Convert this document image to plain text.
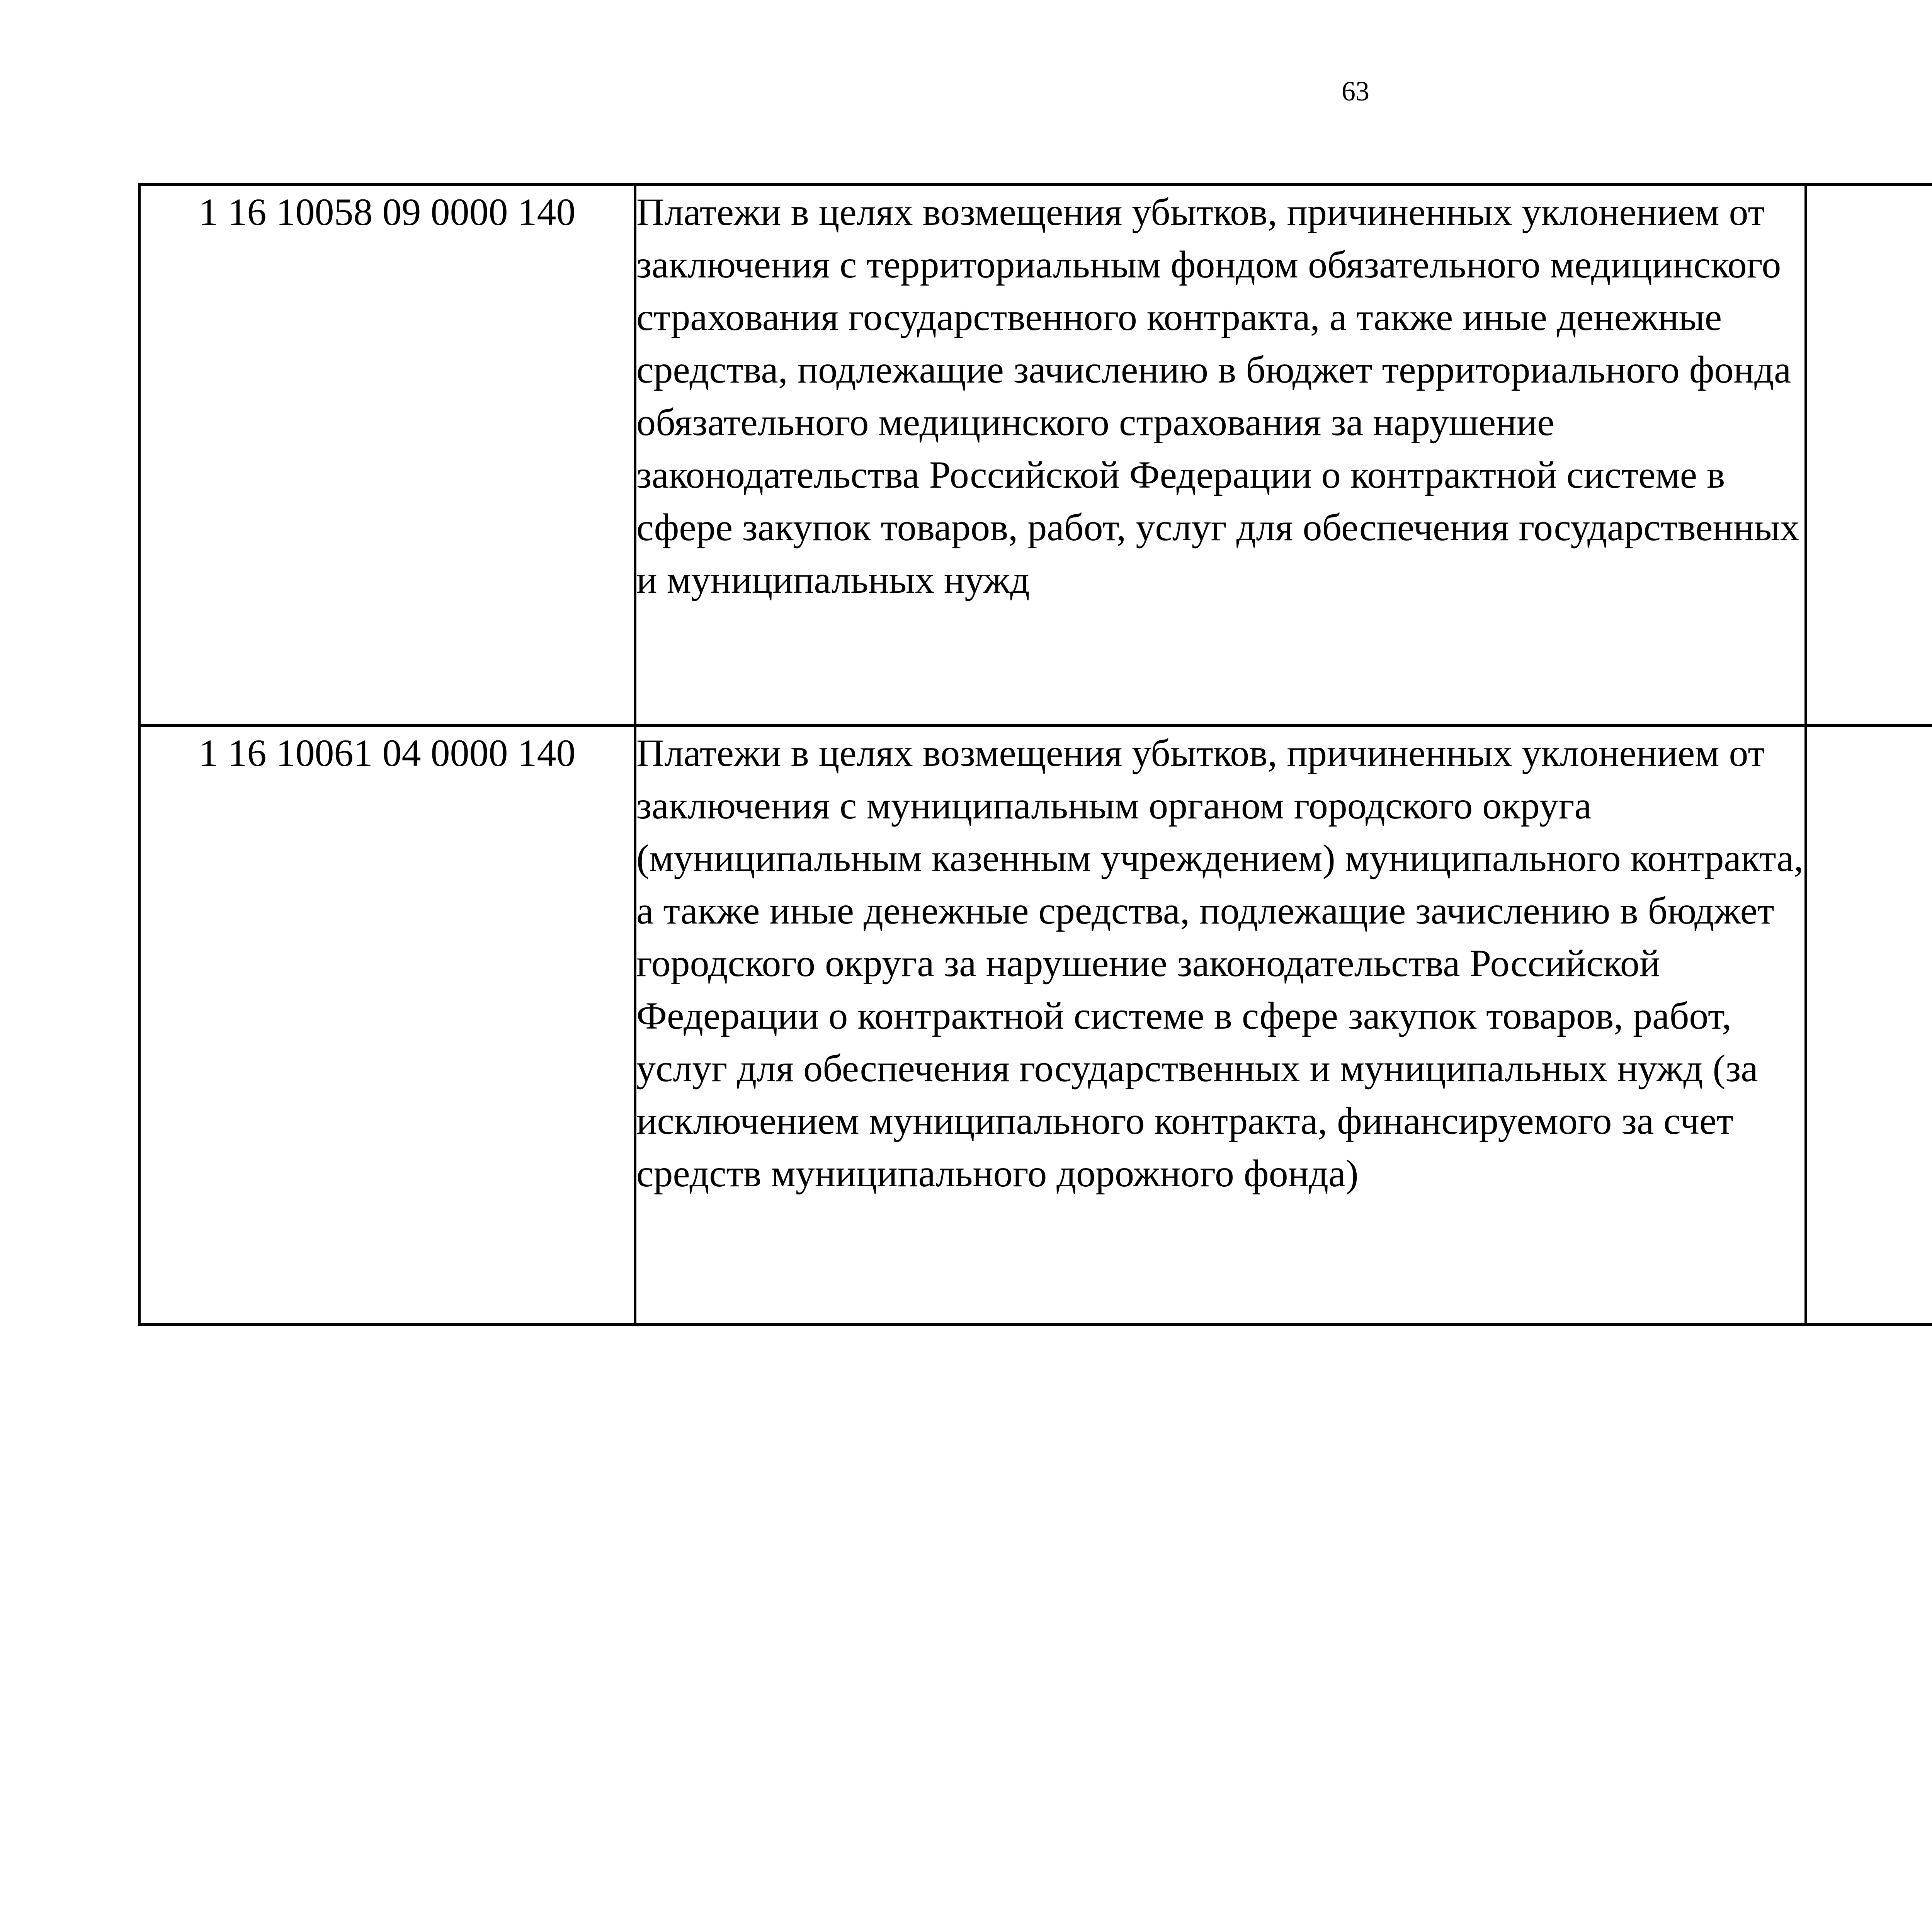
63
1 16 10058 09 0000 140	Платежи в целях возмещения убытков, причиненных уклонением от заключения с территориальным фондом обязательного медицинского страхования государственного контракта, а также иные денежные средства, подлежащие зачислению в бюджет территориального фонда обязательного медицинского страхования за нарушение законодательства Российской Федерации о контрактной системе в сфере закупок товаров, работ, услуг для обеспечения государственных и муниципальных нужд					
1 16 10061 04 0000 140	Платежи в целях возмещения убытков, причиненных уклонением от заключения с муниципальным органом городского округа (муниципальным казенным учреждением) муниципального контракта, а также иные денежные средства, подлежащие зачислению в бюджет городского округа за нарушение законодательства Российской Федерации о контрактной системе в сфере закупок товаров, работ, услуг для обеспечения государственных и муниципальных нужд (за исключением муниципального контракта, финансируемого за счет средств муниципального дорожного фонда)					
